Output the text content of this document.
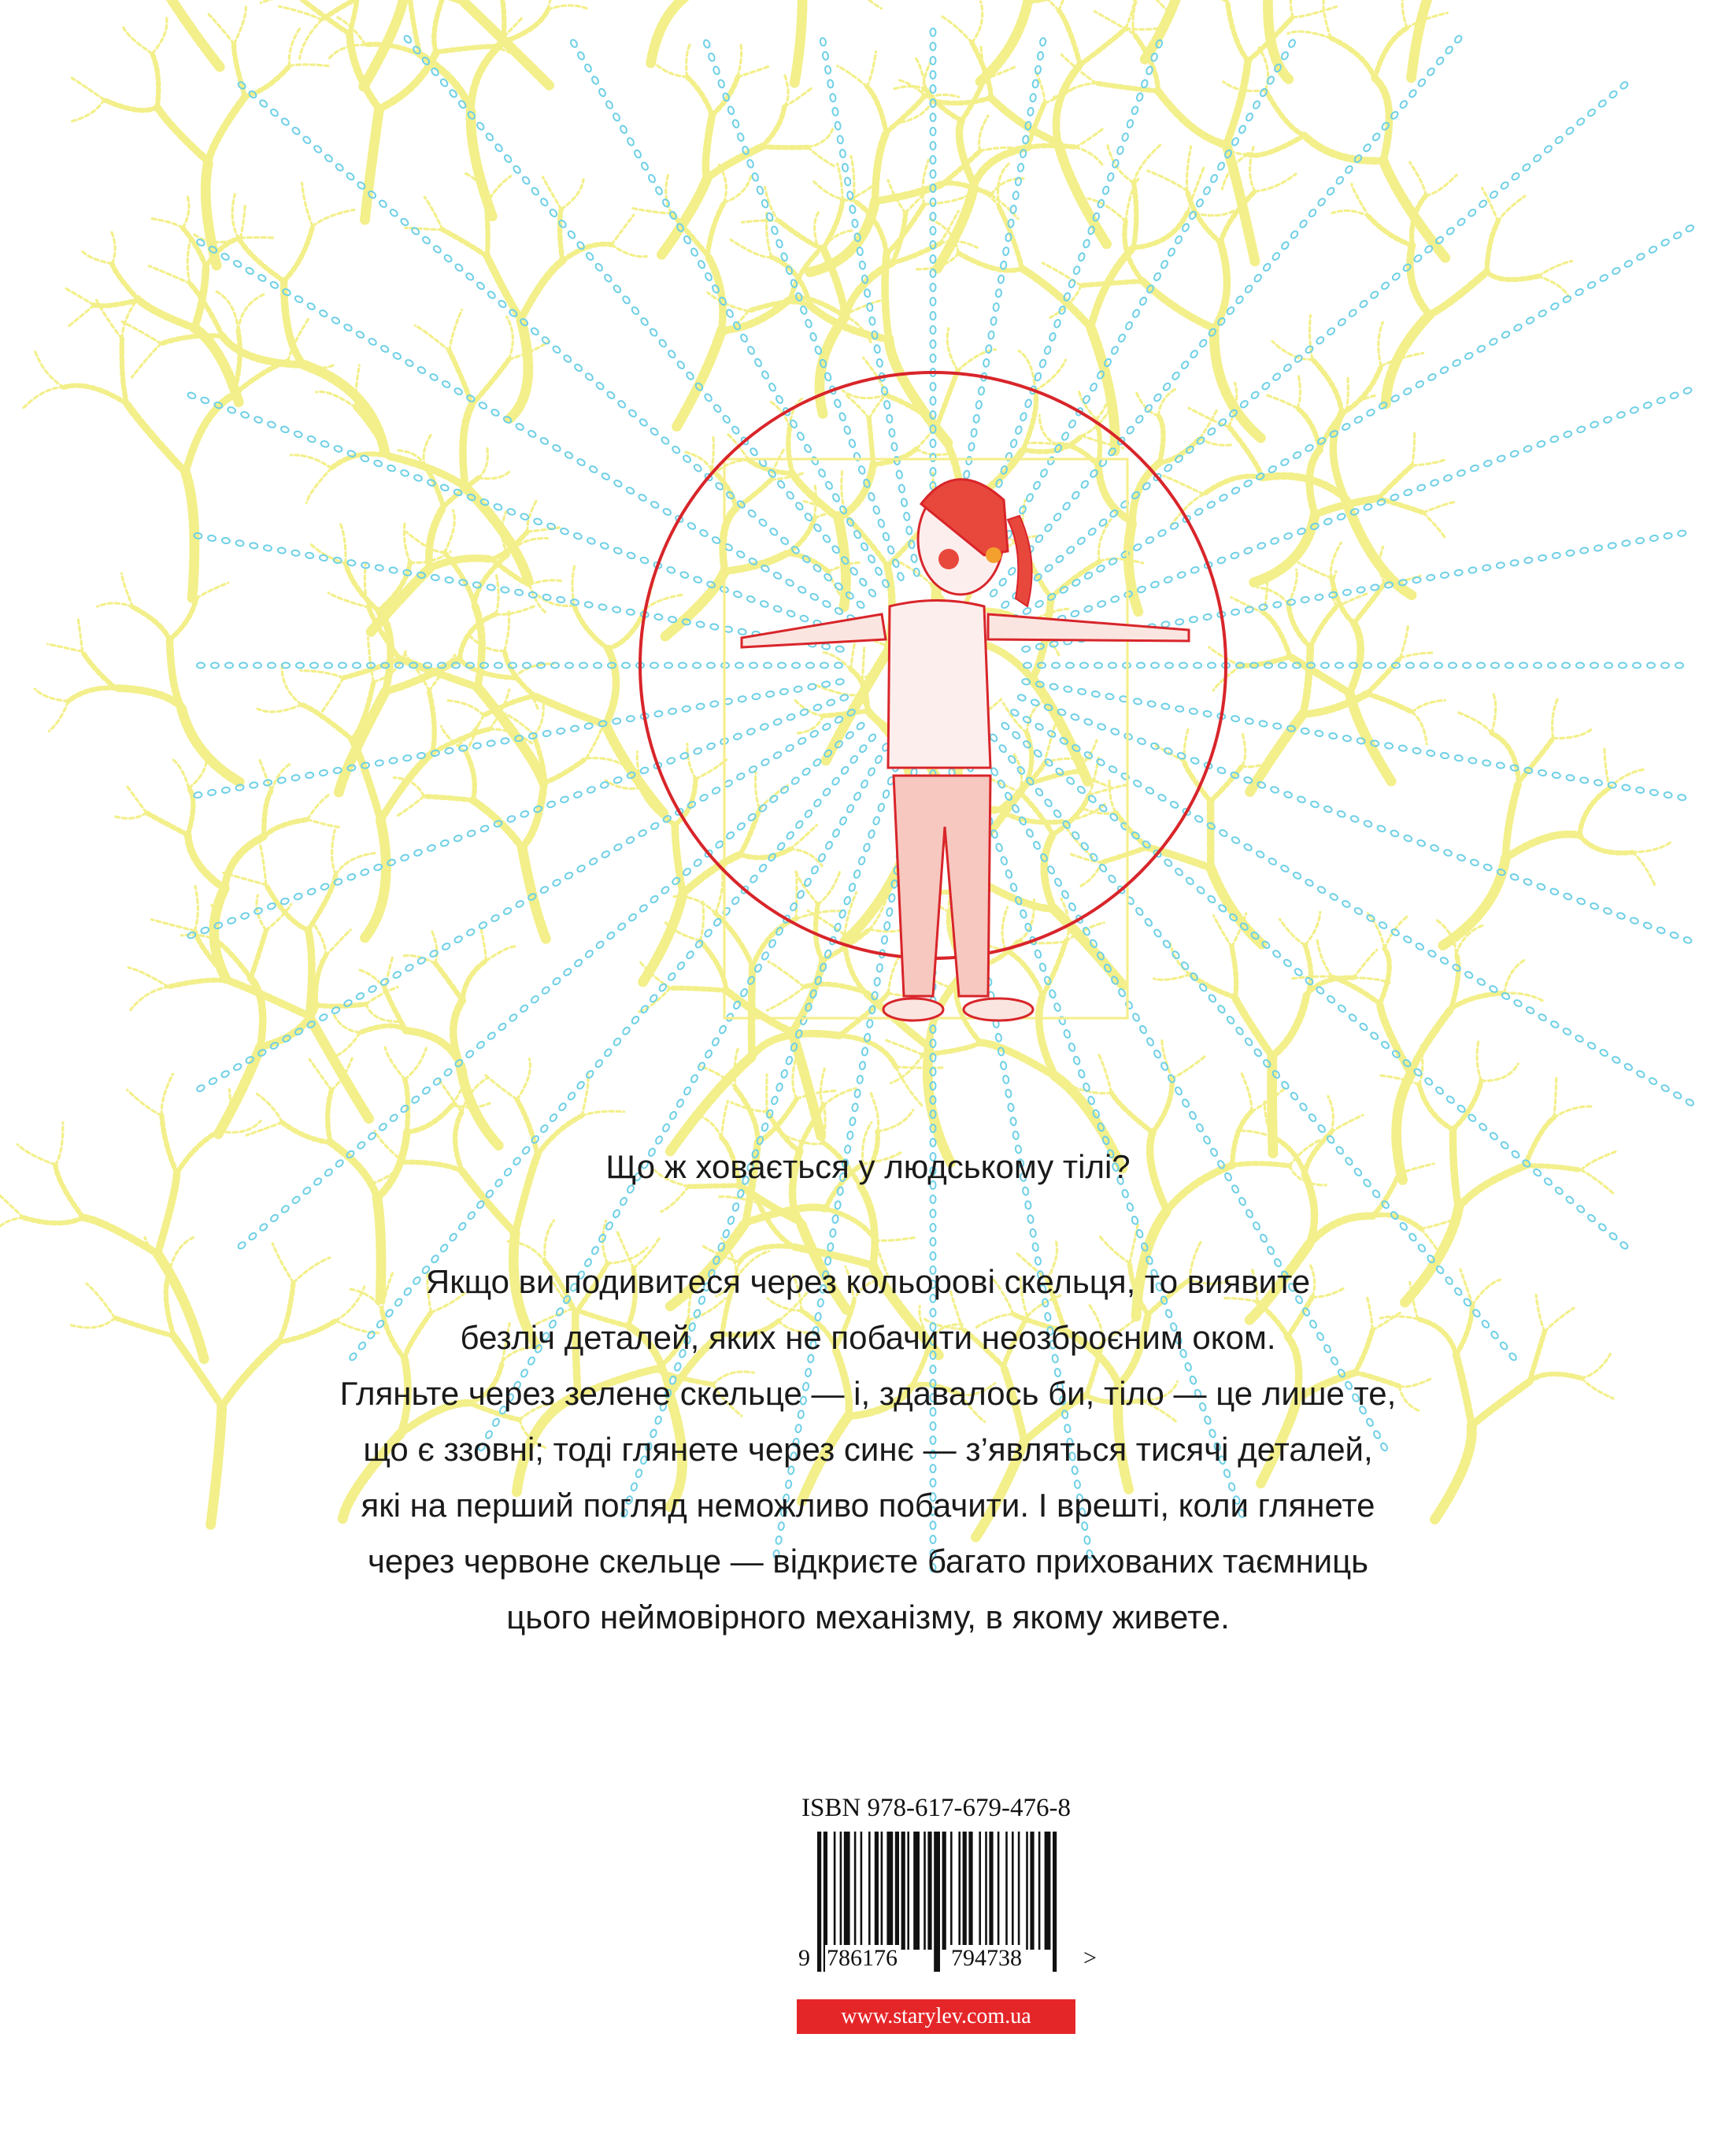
Що ж ховається у людському тілі?
Якщо ви подивитеся через кольорові скельця, то виявите
безліч деталей, яких не побачити неозброєним оком.
Гляньте через зелене скельце — і, здавалось би, тіло — це лише те,
що є ззовні; тоді глянете через синє — з’являться тисячі деталей,
які на перший погляд неможливо побачити. І врешті, коли глянете
через червоне скельце — відкриєте багато прихованих таємниць
цього неймовірного механізму, в якому живете.
ISBN 978-617-679-476-8
9 786176 794738	>
www.starylev.com.ua
